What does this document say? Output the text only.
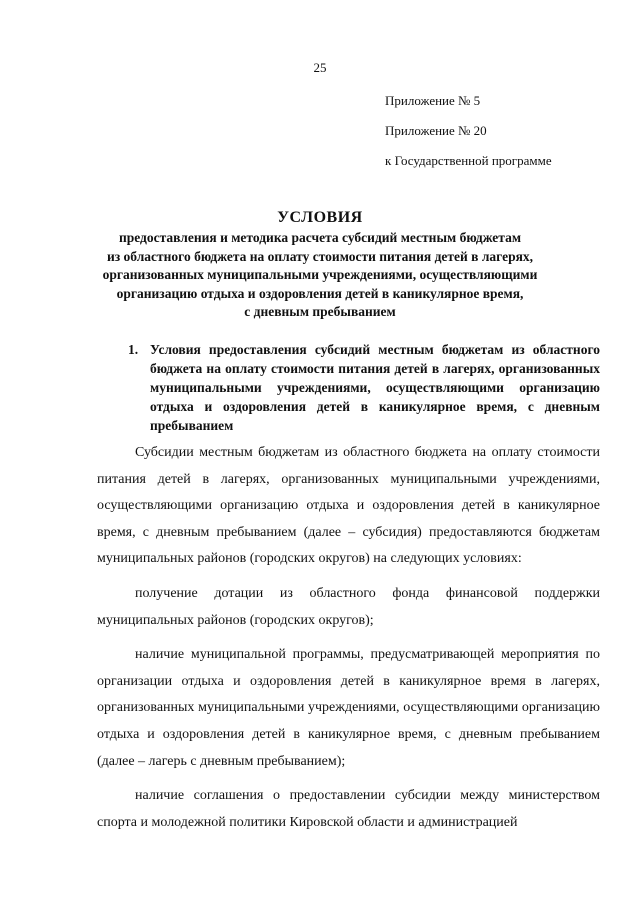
25
Приложение № 5
Приложение № 20
к Государственной программе
УСЛОВИЯ
предоставления и методика расчета субсидий местным бюджетам
из областного бюджета на оплату стоимости питания детей в лагерях,
организованных муниципальными учреждениями, осуществляющими
организацию отдыха и оздоровления детей в каникулярное время,
с дневным пребыванием
1. Условия предоставления субсидий местным бюджетам из областного бюджета на оплату стоимости питания детей в лагерях, организованных муниципальными учреждениями, осуществляющими организацию отдыха и оздоровления детей в каникулярное время, с дневным пребыванием

Субсидии местным бюджетам из областного бюджета на оплату стоимости питания детей в лагерях, организованных муниципальными учреждениями, осуществляющими организацию отдыха и оздоровления детей в каникулярное время, с дневным пребыванием (далее – субсидия) предоставляются бюджетам муниципальных районов (городских округов) на следующих условиях:

получение дотации из областного фонда финансовой поддержки муниципальных районов (городских округов);

наличие муниципальной программы, предусматривающей мероприятия по организации отдыха и оздоровления детей в каникулярное время в лагерях, организованных муниципальными учреждениями, осуществляющими организацию отдыха и оздоровления детей в каникулярное время, с дневным пребыванием (далее – лагерь с дневным пребыванием);

наличие соглашения о предоставлении субсидии между министерством спорта и молодежной политики Кировской области и администрацией
